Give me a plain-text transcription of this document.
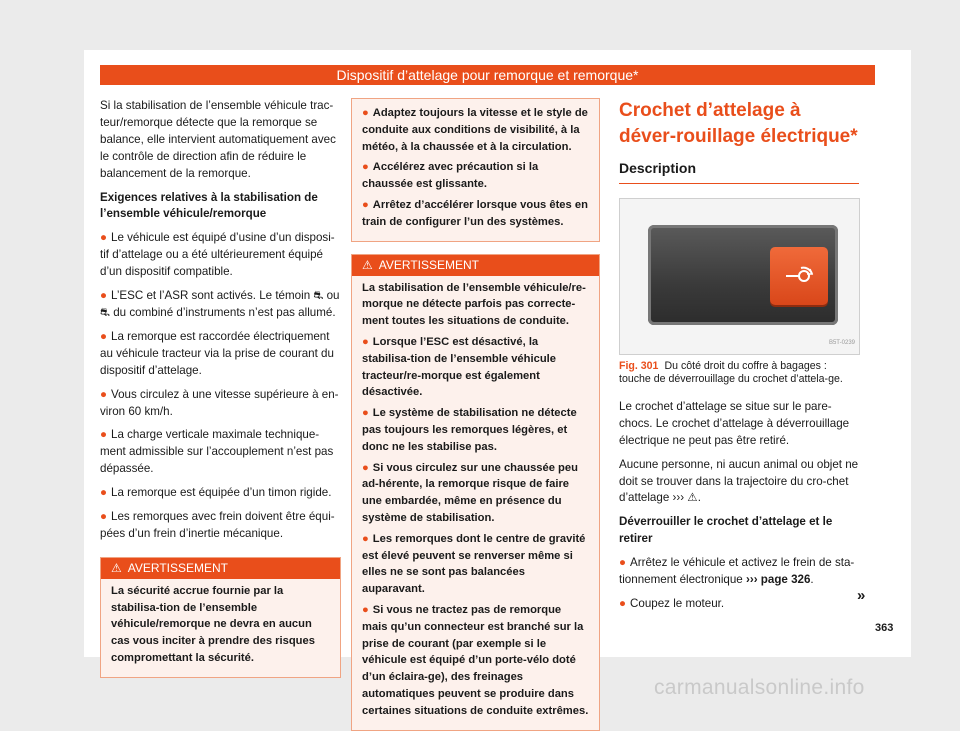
Dispositif d’attelage pour remorque et remorque*

Si la stabilisation de l’ensemble véhicule trac-teur/remorque détecte que la remorque se balance, elle intervient automatiquement avec le contrôle de direction afin de réduire le balancement de la remorque.

Exigences relatives à la stabilisation de l’ensemble véhicule/remorque

● Le véhicule est équipé d’usine d’un disposi-tif d’attelage ou a été ultérieurement équipé d’un dispositif compatible.

● L’ESC et l’ASR sont activés. Le témoin ⛐ ou ⛐ du combiné d’instruments n’est pas allumé.

● La remorque est raccordée électriquement au véhicule tracteur via la prise de courant du dispositif d’attelage.

● Vous circulez à une vitesse supérieure à en-viron 60 km/h.

● La charge verticale maximale technique-ment admissible sur l’accouplement n’est pas dépassée.

● La remorque est équipée d’un timon rigide.

● Les remorques avec frein doivent être équi-pées d’un frein d’inertie mécanique.

⚠ AVERTISSEMENT

La sécurité accrue fournie par la stabilisa-tion de l’ensemble véhicule/remorque ne devra en aucun cas vous inciter à prendre des risques compromettant la sécurité.

● Adaptez toujours la vitesse et le style de conduite aux conditions de visibilité, à la météo, à la chaussée et à la circulation.

● Accélérez avec précaution si la chaussée est glissante.

● Arrêtez d’accélérer lorsque vous êtes en train de configurer l’un des systèmes.

⚠ AVERTISSEMENT

La stabilisation de l’ensemble véhicule/re-morque ne détecte parfois pas correcte-ment toutes les situations de conduite.

● Lorsque l’ESC est désactivé, la stabilisa-tion de l’ensemble véhicule tracteur/re-morque est également désactivée.

● Le système de stabilisation ne détecte pas toujours les remorques légères, et donc ne les stabilise pas.

● Si vous circulez sur une chaussée peu ad-hérente, la remorque risque de faire une embardée, même en présence du système de stabilisation.

● Les remorques dont le centre de gravité est élevé peuvent se renverser même si elles ne se sont pas balancées auparavant.

● Si vous ne tractez pas de remorque mais qu’un connecteur est branché sur la prise de courant (par exemple si le véhicule est équipé d’un porte-vélo doté d’un éclaira-ge), des freinages automatiques peuvent se produire dans certaines situations de conduite extrêmes.

Crochet d’attelage à déver-rouillage électrique*

Description
B5T-0239

Fig. 301 Du côté droit du coffre à bagages : touche de déverrouillage du crochet d’attela-ge.

Le crochet d’attelage se situe sur le pare-chocs. Le crochet d’attelage à déverrouillage électrique ne peut pas être retiré.

Aucune personne, ni aucun animal ou objet ne doit se trouver dans la trajectoire du cro-chet d’attelage ››› ⚠.

Déverrouiller le crochet d’attelage et le retirer

● Arrêtez le véhicule et activez le frein de sta-tionnement électronique ››› page 326.

● Coupez le moteur.	»
363
carmanualsonline.info
